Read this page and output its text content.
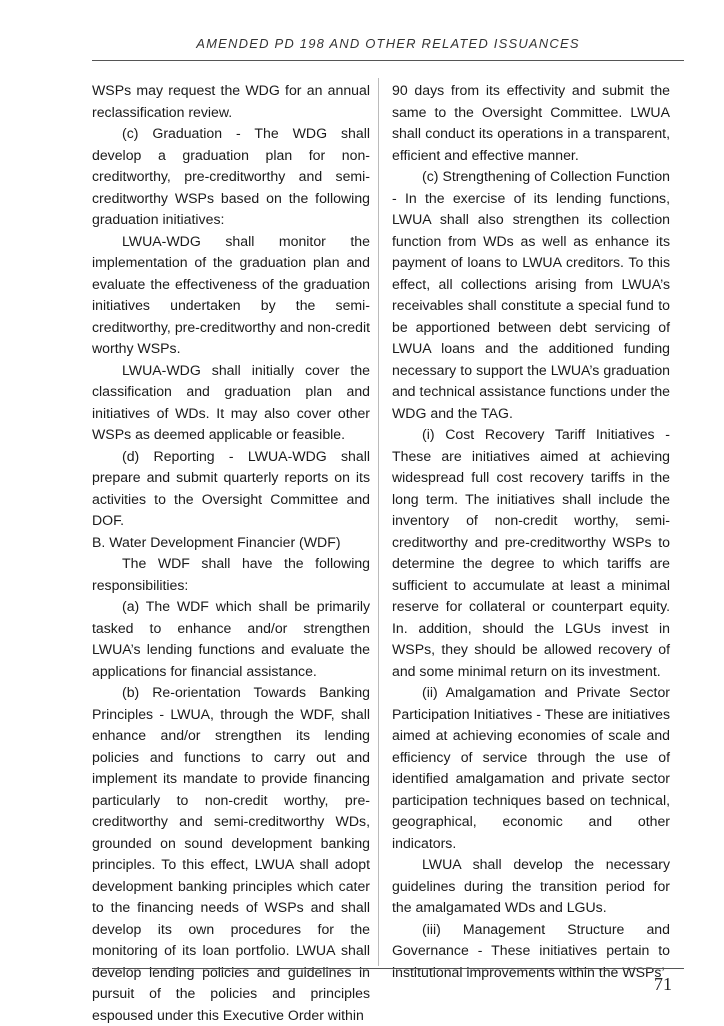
AMENDED PD 198 AND OTHER RELATED ISSUANCES

WSPs may request the WDG for an annual reclassification review.

(c) Graduation - The WDG shall develop a graduation plan for non-creditworthy, pre-creditworthy and semi-creditworthy WSPs based on the following graduation initiatives:

LWUA-WDG shall monitor the implementation of the graduation plan and evaluate the effectiveness of the graduation initiatives undertaken by the semi-creditworthy, pre-creditworthy and non-credit worthy WSPs.

LWUA-WDG shall initially cover the classification and graduation plan and initiatives of WDs. It may also cover other WSPs as deemed applicable or feasible.

(d) Reporting - LWUA-WDG shall prepare and submit quarterly reports on its activities to the Oversight Committee and DOF.

B. Water Development Financier (WDF)

The WDF shall have the following responsibilities:

(a) The WDF which shall be primarily tasked to enhance and/or strengthen LWUA’s lending functions and evaluate the applications for financial assistance.

(b) Re-orientation Towards Banking Principles - LWUA, through the WDF, shall enhance and/or strengthen its lending policies and functions to carry out and implement its mandate to provide financing particularly to non-credit worthy, pre-creditworthy and semi-creditworthy WDs, grounded on sound development banking principles. To this effect, LWUA shall adopt development banking principles which cater to the financing needs of WSPs and shall develop its own procedures for the monitoring of its loan portfolio. LWUA shall develop lending policies and guidelines in pursuit of the policies and principles espoused under this Executive Order within

90 days from its effectivity and submit the same to the Oversight Committee. LWUA shall conduct its operations in a transparent, efficient and effective manner.

(c) Strengthening of Collection Function - In the exercise of its lending functions, LWUA shall also strengthen its collection function from WDs as well as enhance its payment of loans to LWUA creditors. To this effect, all collections arising from LWUA’s receivables shall constitute a special fund to be apportioned between debt servicing of LWUA loans and the additioned funding necessary to support the LWUA’s graduation and technical assistance functions under the WDG and the TAG.

(i) Cost Recovery Tariff Initiatives - These are initiatives aimed at achieving widespread full cost recovery tariffs in the long term. The initiatives shall include the inventory of non-credit worthy, semi-creditworthy and pre-creditworthy WSPs to determine the degree to which tariffs are sufficient to accumulate at least a minimal reserve for collateral or counterpart equity. In. addition, should the LGUs invest in WSPs, they should be allowed recovery of and some minimal return on its investment.

(ii) Amalgamation and Private Sector Participation Initiatives - These are initiatives aimed at achieving economies of scale and efficiency of service through the use of identified amalgamation and private sector participation techniques based on technical, geographical, economic and other indicators.

LWUA shall develop the necessary guidelines during the transition period for the amalgamated WDs and LGUs.

(iii) Management Structure and Governance - These initiatives pertain to institutional improvements within the WSPs’

71
